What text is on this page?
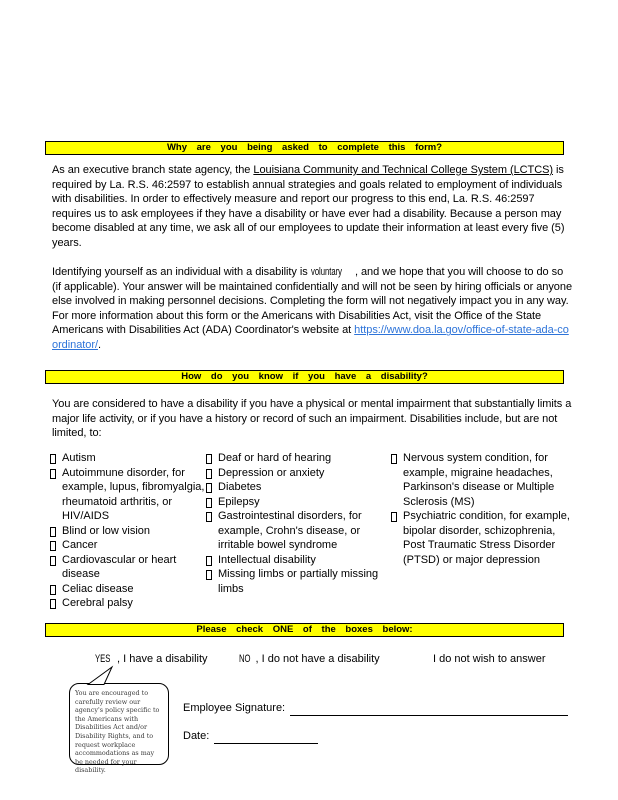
Why are you being asked to complete this form?

As an executive branch state agency, the Louisiana Community and Technical College System (LCTCS) is required by La. R.S. 46:2597 to establish annual strategies and goals related to employment of individuals with disabilities. In order to effectively measure and report our progress to this end, La. R.S. 46:2597 requires us to ask employees if they have a disability or have ever had a disability. Because a person may become disabled at any time, we ask all of our employees to update their information at least every five (5) years.

Identifying yourself as an individual with a disability is voluntary , and we hope that you will choose to do so (if applicable). Your answer will be maintained confidentially and will not be seen by hiring officials or anyone else involved in making personnel decisions. Completing the form will not negatively impact you in any way. For more information about this form or the Americans with Disabilities Act, visit the Office of the State Americans with Disabilities Act (ADA) Coordinator's website at https://www.doa.la.gov/office-of-state-ada-coordinator/.

How do you know if you have a disability?

You are considered to have a disability if you have a physical or mental impairment that substantially limits a major life activity, or if you have a history or record of such an impairment. Disabilities include, but are not limited, to:

Autism
Autoimmune disorder, for example, lupus, fibromyalgia, rheumatoid arthritis, or HIV/AIDS
Blind or low vision
Cancer
Cardiovascular or heart disease
Celiac disease
Cerebral palsy
Deaf or hard of hearing
Depression or anxiety
Diabetes
Epilepsy
Gastrointestinal disorders, for example, Crohn's disease, or irritable bowel syndrome
Intellectual disability
Missing limbs or partially missing limbs
Nervous system condition, for example, migraine headaches, Parkinson's disease or Multiple Sclerosis (MS)
Psychiatric condition, for example, bipolar disorder, schizophrenia, Post Traumatic Stress Disorder (PTSD) or major depression
Please check ONE of the boxes below:
YES , I have a disability	NO , I do not have a disability	I do not wish to answer
You are encouraged to carefully review our agency's policy specific to the Americans with Disabilities Act and/or Disability Rights, and to request workplace accommodations as may be needed for your disability.
Employee Signature:
Date:
